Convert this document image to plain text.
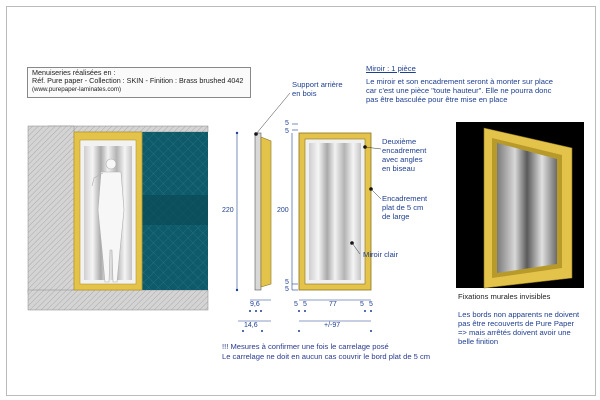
Menuiseries réalisées en :
Réf. Pure paper - Collection : SKIN - Finition : Brass brushed 4042
(www.purepaper-laminates.com)
220	200
5
5
5
5
9,6
14,6
5 5	77	5 5
+/-97
Support arrière
en bois
Deuxième
encadrement
avec angles
en biseau
Encadrement
plat de 5 cm
de large
Miroir clair
Miroir : 1 pièce
Le miroir et son encadrement seront à monter sur place
car c'est une pièce "toute hauteur". Elle ne pourra donc
pas être basculée pour être mise en place
Fixations murales invisibles
Les bords non apparents ne doivent
pas être recouverts de Pure Paper
=> mais arrêtés doivent avoir une
belle finition
!!! Mesures à confirmer une fois le carrelage posé
Le carrelage ne doit en aucun cas couvrir le bord plat de 5 cm
